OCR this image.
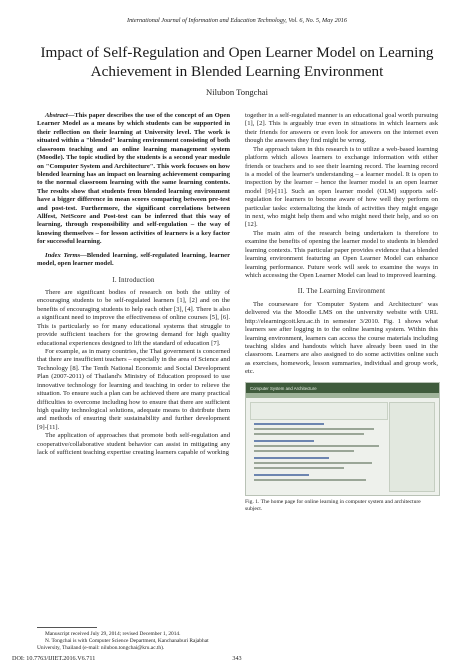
International Journal of Information and Education Technology, Vol. 6, No. 5, May 2016
Impact of Self-Regulation and Open Learner Model on Learning Achievement in Blended Learning Environment
Nilubon Tongchai

Abstract—This paper describes the use of the concept of an Open Learner Model as a means by which students can be supported in their reflection on their learning at University level. The work is situated within a "blended" learning environment consisting of both classroom teaching and an online learning management system (Moodle). The topic studied by the students is a second year module on "Computer System and Architecture". This work focuses on how blended learning has an impact on learning achievement comparing to the normal classroom learning with the same learning contents. The results show that students from blended learning environment have a bigger difference in mean scores comparing between pre-test and post-test. Furthermore, the significant correlations between Allfest, NetScore and Post-test can be inferred that this way of learning, through responsibility and self-regulation – the way of knowing themselves – for lesson activities of learners is a key factor for successful learning.

Index Terms—Blended learning, self-regulated learning, learner model, open learner model.

I. Introduction

There are significant bodies of research on both the utility of encouraging students to be self-regulated learners [1], [2] and on the benefits of encouraging students to help each other [3], [4]. There is also a significant need to improve the effectiveness of online courses [5], [6]. This is particularly so for many educational systems that struggle to provide sufficient teachers for the growing demand for high quality educational experiences designed to lift the standard of education [7].

For example, as in many countries, the Thai government is concerned that there are insufficient teachers – especially in the area of Science and Technology [8]. The Tenth National Economic and Social Development Plan (2007-2011) of Thailand's Ministry of Education proposed to use innovative technology for learning and teaching in order to relieve the situation. To ensure such a plan can be achieved there are many practical difficulties to overcome including how to ensure that there are sufficient high quality technological solutions, adequate means to distribute them and methods of ensuring their sustainability and further development [9]-[11].

The application of approaches that promote both self-regulation and cooperative/collaborative student behavior can assist in mitigating any lack of sufficient teaching expertise creating learners capable of working

together in a self-regulated manner is an educational goal worth pursuing [1], [2]. This is arguably true even in situations in which learners ask their friends for answers or even look for answers on the internet even though the answers they find might be wrong.

The approach taken in this research is to utilize a web-based learning platform which allows learners to exchange information with either friends or teachers and to see their learning record. The learning record is a model of the learner's understanding – a learner model. It is open to inspection by the learner – hence the learner model is an open learner model [9]-[11]. Such an open learner model (OLM) supports self-regulation for learners to become aware of how well they perform on particular tasks: externalizing the kinds of activities they might engage in next, who might help them and who might need their help, and so on [12].

The main aim of the research being undertaken is therefore to examine the benefits of opening the learner model to students in blended learning contexts. This particular paper provides evidence that a blended learning environment featuring an Open Learner Model can enhance learning performance. Future work will seek to examine the ways in which accessing the Open Learner Model can lead to improved learning.

II. The Learning Environment

The courseware for 'Computer System and Architecture' was delivered via the Moodle LMS on the university website with URL http://elearningcoit.kru.ac.th in semester 3/2010. Fig. 1 shows what learners see after logging in to the online learning system. Within this learning environment, learners can access the course materials including teaching slides and handouts which have already been used in the classroom. Learners are also assigned to do some activities online such as exercises, homework, lesson summaries, individual and group work, etc.

Computer System and Architecture
Fig. 1. The home page for online learning in computer system and architecture subject.
Manuscript received July 29, 2014; revised December 1, 2014.
N. Tongchai is with Computer Science Department, Kanchanaburi Rajabhat University, Thailand (e-mail: nilubon.tongchai@kru.ac.th).
DOI: 10.7763/IJIET.2016.V6.711	343
